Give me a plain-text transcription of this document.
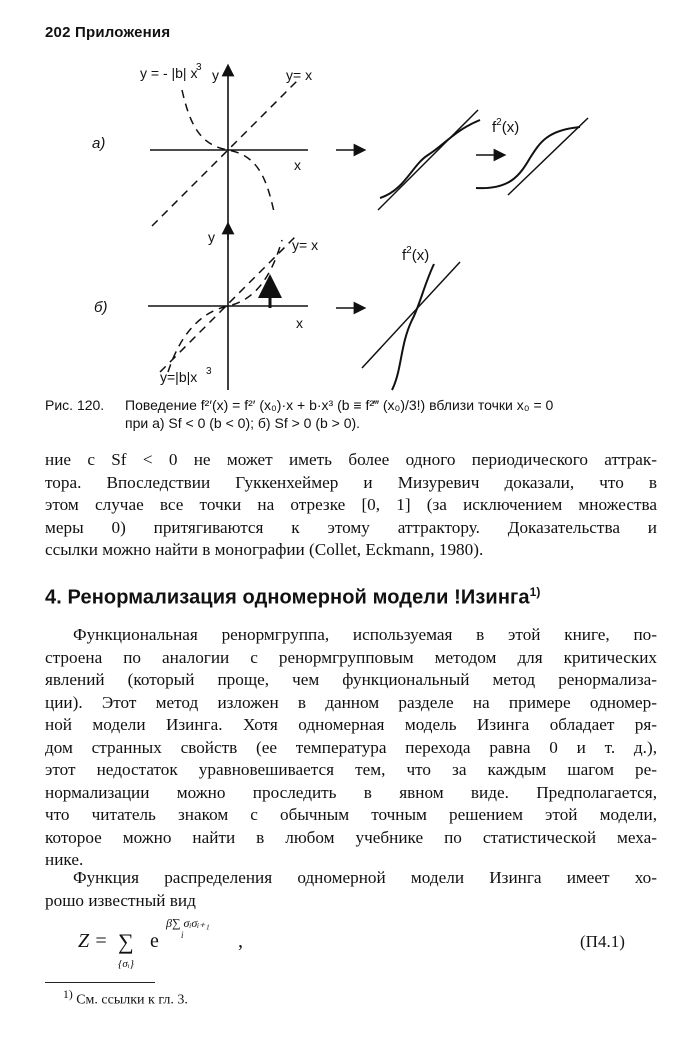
202 Приложения
а)
y
x
y= x
y = - |b| x
3
$f^2(x)$
б)
y
x
y= x
y=|b|x 3
$f^2(x)$
Рис. 120. Поведение f²′(x) = f²′ (x₀)·x + b·x³ (b ≡ f²‴ (x₀)/3!) вблизи точки x₀ = 0
при а) Sf < 0 (b < 0); б) Sf > 0 (b > 0).
ние с Sf < 0 не может иметь более одного периодического аттрак-
тора. Впоследствии Гуккенхеймер и Мизуревич доказали, что в
этом случае все точки на отрезке [0, 1] (за исключением множества
меры 0) притягиваются к этому аттрактору. Доказательства и
ссылки можно найти в монографии (Collet, Eckmann, 1980).
4. Ренормализация одномерной модели !Изинга$^{1)}$
Функциональная ренормгруппа, используемая в этой книге, по-
строена по аналогии с ренормгрупповым методом для критических
явлений (который проще, чем функциональный метод ренормализа-
ции). Этот метод изложен в данном разделе на примере одномер-
ной модели Изинга. Хотя одномерная модель Изинга обладает ря-
дом странных свойств (ее температура перехода равна 0 и т. д.),
этот недостаток уравновешивается тем, что за каждым шагом ре-
нормализации можно проследить в явном виде. Предполагается,
что читатель знаком с обычным точным решением этой модели,
которое можно найти в любом учебнике по статистической меха-
нике.
Функция распределения одномерной модели Изинга имеет хо-
рошо известный вид
Z = ∑
{σᵢ}
e
β∑ σᵢσᵢ₊₁
i	,	(П4.1)
$^{1)}$ См. ссылки к гл. 3.
